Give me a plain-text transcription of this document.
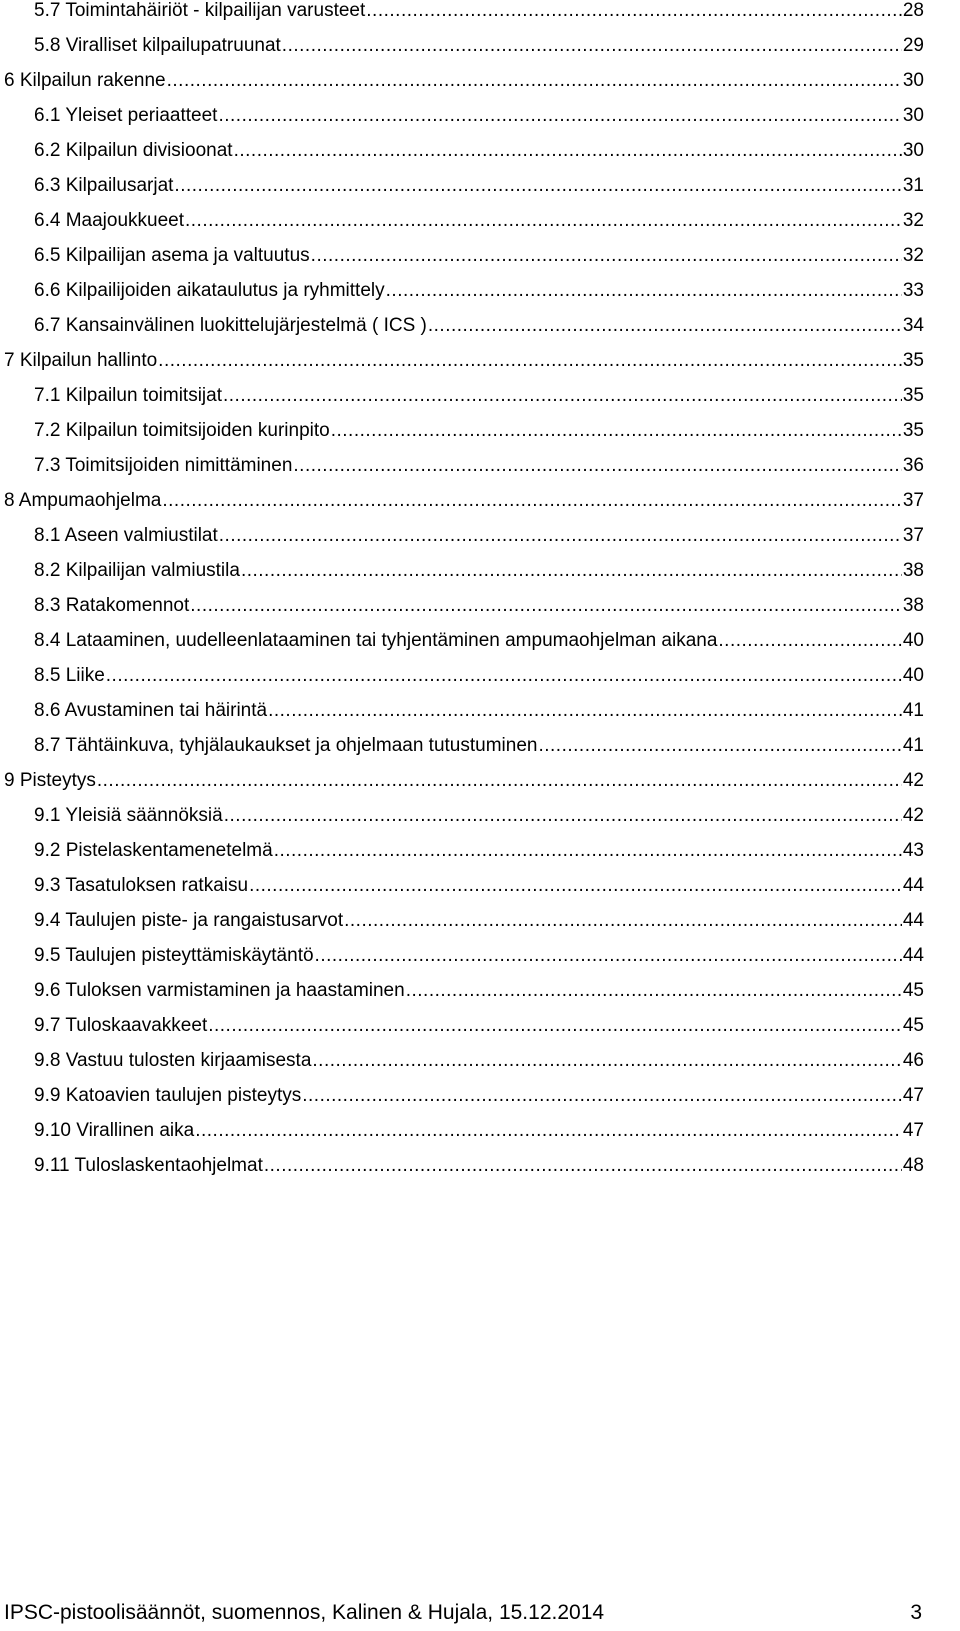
5.7 Toimintahäiriöt - kilpailijan varusteet .....	28
5.8 Viralliset kilpailupatruunat .....	29
6 Kilpailun rakenne .....	30
6.1 Yleiset periaatteet .....	30
6.2 Kilpailun divisioonat .....	30
6.3 Kilpailusarjat .....	31
6.4 Maajoukkueet .....	32
6.5 Kilpailijan asema ja valtuutus .....	32
6.6 Kilpailijoiden aikataulutus ja ryhmittely .....	33
6.7 Kansainvälinen luokittelujärjestelmä ( ICS ) .....	34
7 Kilpailun hallinto .....	35
7.1 Kilpailun toimitsijat .....	35
7.2 Kilpailun toimitsijoiden kurinpito .....	35
7.3 Toimitsijoiden nimittäminen .....	36
8 Ampumaohjelma .....	37
8.1 Aseen valmiustilat .....	37
8.2 Kilpailijan valmiustila .....	38
8.3 Ratakomennot .....	38
8.4 Lataaminen, uudelleenlataaminen tai tyhjentäminen ampumaohjelman aikana .....	40
8.5 Liike .....	40
8.6 Avustaminen tai häirintä .....	41
8.7 Tähtäinkuva, tyhjälaukaukset ja ohjelmaan tutustuminen .....	41
9 Pisteytys .....	42
9.1 Yleisiä säännöksiä .....	42
9.2 Pistelaskentamenetelmä .....	43
9.3 Tasatuloksen ratkaisu .....	44
9.4 Taulujen piste- ja rangaistusarvot .....	44
9.5 Taulujen pisteyttämiskäytäntö .....	44
9.6 Tuloksen varmistaminen ja haastaminen .....	45
9.7 Tuloskaavakkeet .....	45
9.8 Vastuu tulosten kirjaamisesta .....	46
9.9 Katoavien taulujen pisteytys .....	47
9.10 Virallinen aika .....	47
9.11 Tuloslaskentaohjelmat .....	48
IPSC-pistoolisäännöt, suomennos, Kalinen & Hujala, 15.12.2014	3
